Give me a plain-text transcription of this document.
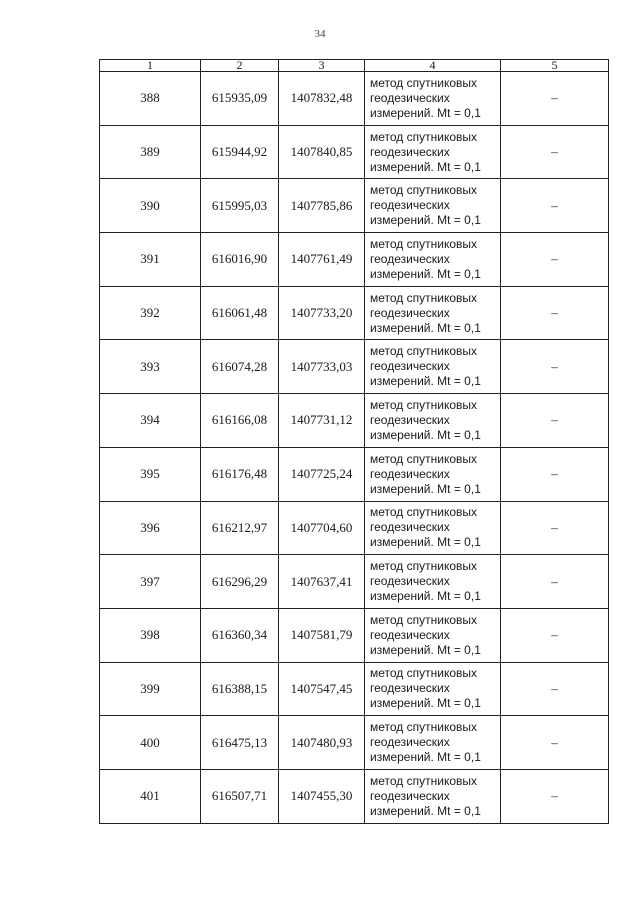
34
1	2	3	4	5
388	615935,09	1407832,48	метод спутниковых
геодезических
измерений. Mt = 0,1	–
389	615944,92	1407840,85	метод спутниковых
геодезических
измерений. Mt = 0,1	–
390	615995,03	1407785,86	метод спутниковых
геодезических
измерений. Mt = 0,1	–
391	616016,90	1407761,49	метод спутниковых
геодезических
измерений. Mt = 0,1	–
392	616061,48	1407733,20	метод спутниковых
геодезических
измерений. Mt = 0,1	–
393	616074,28	1407733,03	метод спутниковых
геодезических
измерений. Mt = 0,1	–
394	616166,08	1407731,12	метод спутниковых
геодезических
измерений. Mt = 0,1	–
395	616176,48	1407725,24	метод спутниковых
геодезических
измерений. Mt = 0,1	–
396	616212,97	1407704,60	метод спутниковых
геодезических
измерений. Mt = 0,1	–
397	616296,29	1407637,41	метод спутниковых
геодезических
измерений. Mt = 0,1	–
398	616360,34	1407581,79	метод спутниковых
геодезических
измерений. Mt = 0,1	–
399	616388,15	1407547,45	метод спутниковых
геодезических
измерений. Mt = 0,1	–
400	616475,13	1407480,93	метод спутниковых
геодезических
измерений. Mt = 0,1	–
401	616507,71	1407455,30	метод спутниковых
геодезических
измерений. Mt = 0,1	–
